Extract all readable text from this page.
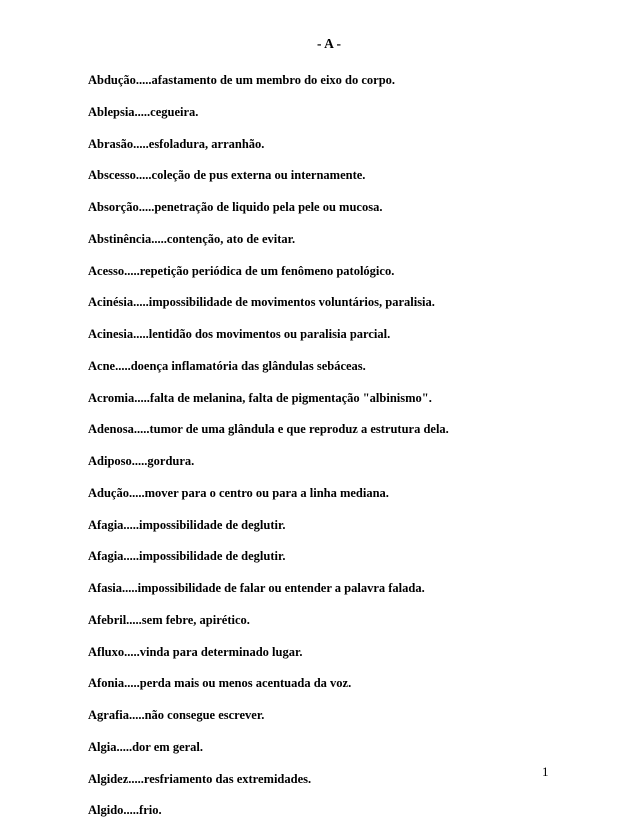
- A -
Abdução.....afastamento de um membro do eixo do corpo.
Ablepsia.....cegueira.
Abrasão.....esfoladura, arranhão.
Abscesso.....coleção de pus externa ou internamente.
Absorção.....penetração de liquido pela pele ou mucosa.
Abstinência.....contenção, ato de evitar.
Acesso.....repetição periódica de um fenômeno patológico.
Acinésia.....impossibilidade de movimentos voluntários, paralisia.
Acinesia.....lentidão dos movimentos ou paralisia parcial.
Acne.....doença inflamatória das glândulas sebáceas.
Acromia.....falta de melanina, falta de pigmentação "albinismo".
Adenosa.....tumor de uma glândula e que reproduz a estrutura dela.
Adiposo.....gordura.
Adução.....mover para o centro ou para a linha mediana.
Afagia.....impossibilidade de deglutir.
Afagia.....impossibilidade de deglutir.
Afasia.....impossibilidade de falar ou entender a palavra falada.
Afebril.....sem febre, apirético.
Afluxo.....vinda para determinado lugar.
Afonia.....perda mais ou menos acentuada da voz.
Agrafia.....não consegue escrever.
Algia.....dor em geral.
Algidez.....resfriamento das extremidades.
Algido.....frio.
1
